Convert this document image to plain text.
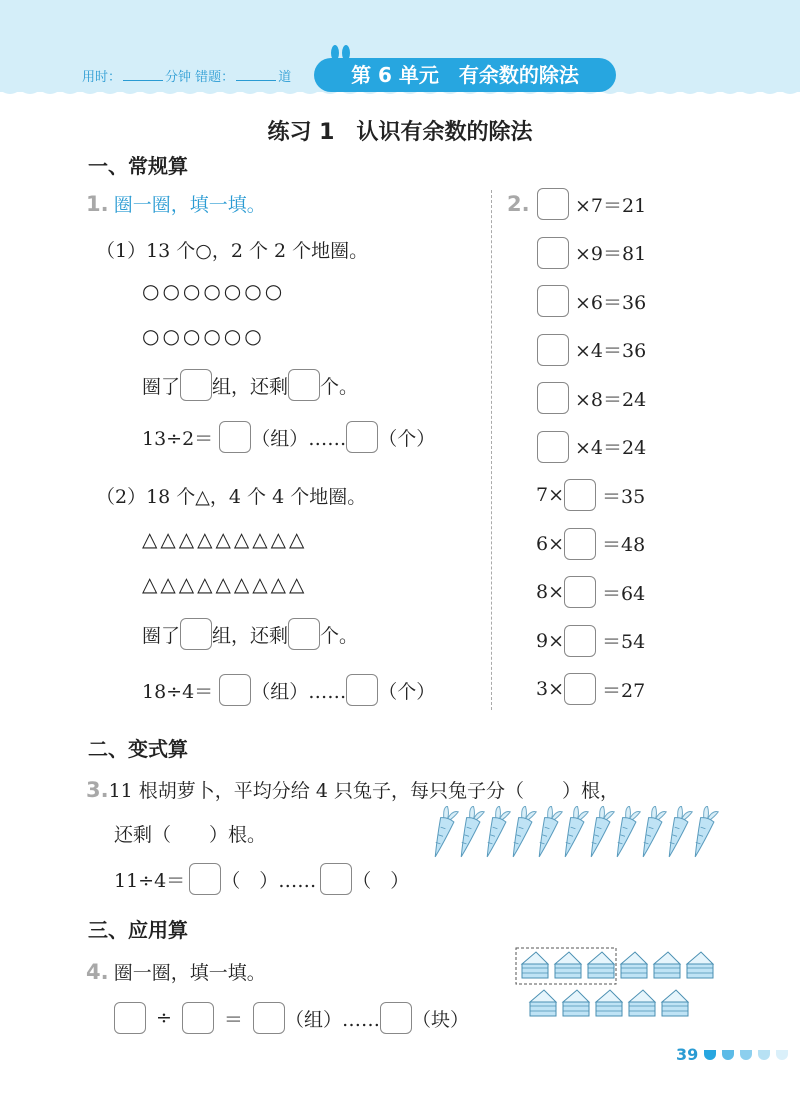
用时：	分钟 错题：	道	第 6 单元　有余数的除法
练习 1　认识有余数的除法
一、常规算
1. 圈一圈，填一填。
（1）13 个○，2 个 2 个地圈。
○○○○○○○
○○○○○○
圈了 组，还剩 个。
13÷2＝ （组）…… （个）
（2）18 个△，4 个 4 个地圈。
△△△△△△△△△
△△△△△△△△△
圈了 组，还剩 个。
18÷4＝ （组）…… （个）
2. ×7＝21
×9＝81
×6＝36
×4＝36
×8＝24
×4＝24
7× ＝35
6× ＝48
8× ＝64
9× ＝54
3× ＝27
二、变式算
3. 11 根胡萝卜，平均分给 4 只兔子，每只兔子分（　　）根，
还剩（　　）根。
11÷4＝ （　）…… （　）
三、应用算
4. 圈一圈，填一填。
÷	＝ （组）…… （块）
39
